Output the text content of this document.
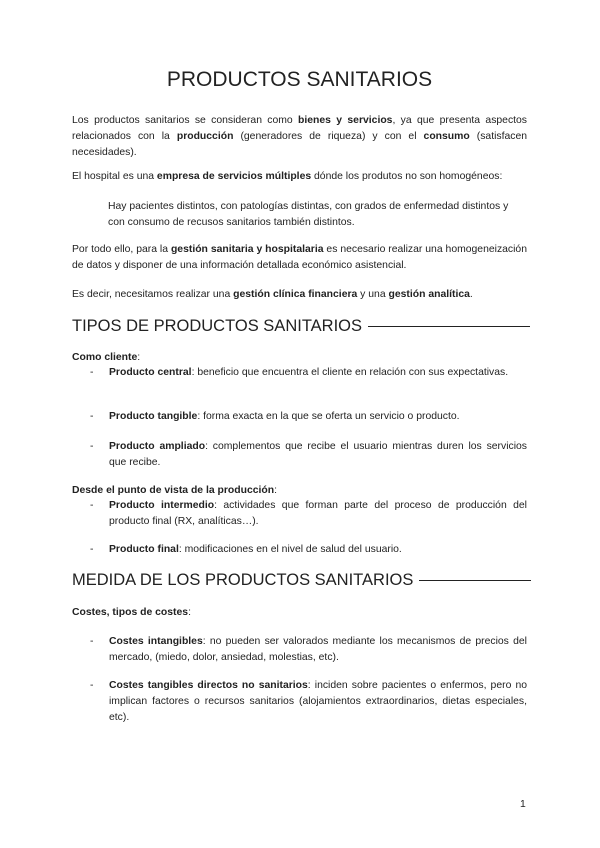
PRODUCTOS SANITARIOS

Los productos sanitarios se consideran como bienes y servicios, ya que presenta aspectos relacionados con la producción (generadores de riqueza) y con el consumo (satisfacen necesidades).

El hospital es una empresa de servicios múltiples dónde los produtos no son homogéneos:

Hay pacientes distintos, con patologías distintas, con grados de enfermedad distintos y con consumo de recusos sanitarios también distintos.

Por todo ello, para la gestión sanitaria y hospitalaria es necesario realizar una homogeneización de datos y disponer de una información detallada económico asistencial.

Es decir, necesitamos realizar una gestión clínica financiera y una gestión analítica.

TIPOS DE PRODUCTOS SANITARIOS

Como cliente:

-	Producto central: beneficio que encuentra el cliente en relación con sus expectativas.
-	Producto tangible: forma exacta en la que se oferta un servicio o producto.
-	Producto ampliado: complementos que recibe el usuario mientras duren los servicios que recibe.

Desde el punto de vista de la producción:

-	Producto intermedio: actividades que forman parte del proceso de producción del producto final (RX, analíticas…).
-	Producto final: modificaciones en el nivel de salud del usuario.
MEDIDA DE LOS PRODUCTOS SANITARIOS

Costes, tipos de costes:

-	Costes intangibles: no pueden ser valorados mediante los mecanismos de precios del mercado, (miedo, dolor, ansiedad, molestias, etc).
-	Costes tangibles directos no sanitarios: inciden sobre pacientes o enfermos, pero no implican factores o recursos sanitarios (alojamientos extraordinarios, dietas especiales, etc).
1
